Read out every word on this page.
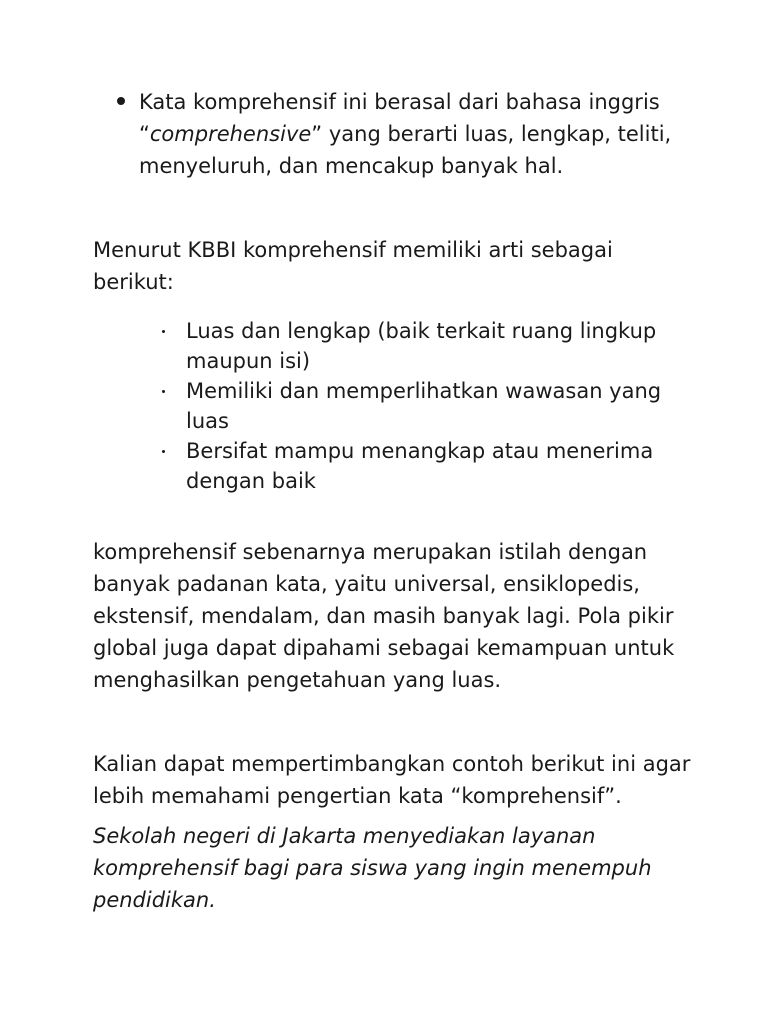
Kata komprehensif ini berasal dari bahasa inggris “comprehensive” yang berarti luas, lengkap, teliti, menyeluruh, dan mencakup banyak hal.

Menurut KBBI komprehensif memiliki arti sebagai berikut:

Luas dan lengkap (baik terkait ruang lingkup maupun isi)
Memiliki dan memperlihatkan wawasan yang luas
Bersifat mampu menangkap atau menerima dengan baik

komprehensif sebenarnya merupakan istilah dengan banyak padanan kata, yaitu universal, ensiklopedis, ekstensif, mendalam, dan masih banyak lagi. Pola pikir global juga dapat dipahami sebagai kemampuan untuk menghasilkan pengetahuan yang luas.

Kalian dapat mempertimbangkan contoh berikut ini agar lebih memahami pengertian kata “komprehensif”.

Sekolah negeri di Jakarta menyediakan layanan komprehensif bagi para siswa yang ingin menempuh pendidikan.
